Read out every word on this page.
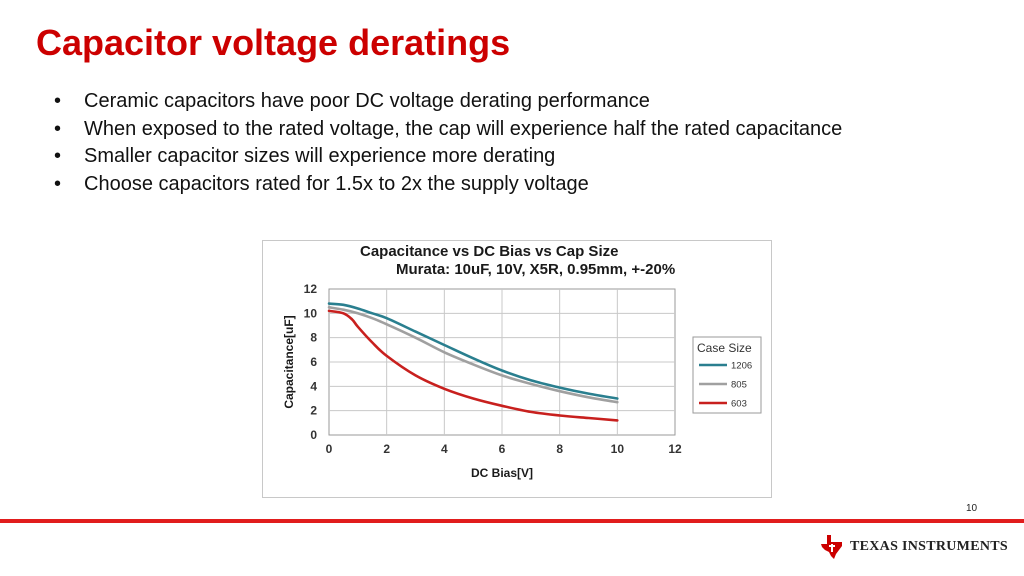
Capacitor voltage deratings
• Ceramic capacitors have poor DC voltage derating performance
• When exposed to the rated voltage, the cap will experience half the rated capacitance
• Smaller capacitor sizes will experience more derating
• Choose capacitors rated for 1.5x to 2x the supply voltage
Capacitance vs DC Bias vs Cap Size
Murata: 10uF, 10V, X5R, 0.95mm, +-20%
0	2	4	6	8	10	12
0
2
4
6
8
10
12
DC Bias[V]
Capacitance[uF]	Case Size
1206
805
603
10
TEXAS INSTRUMENTS
